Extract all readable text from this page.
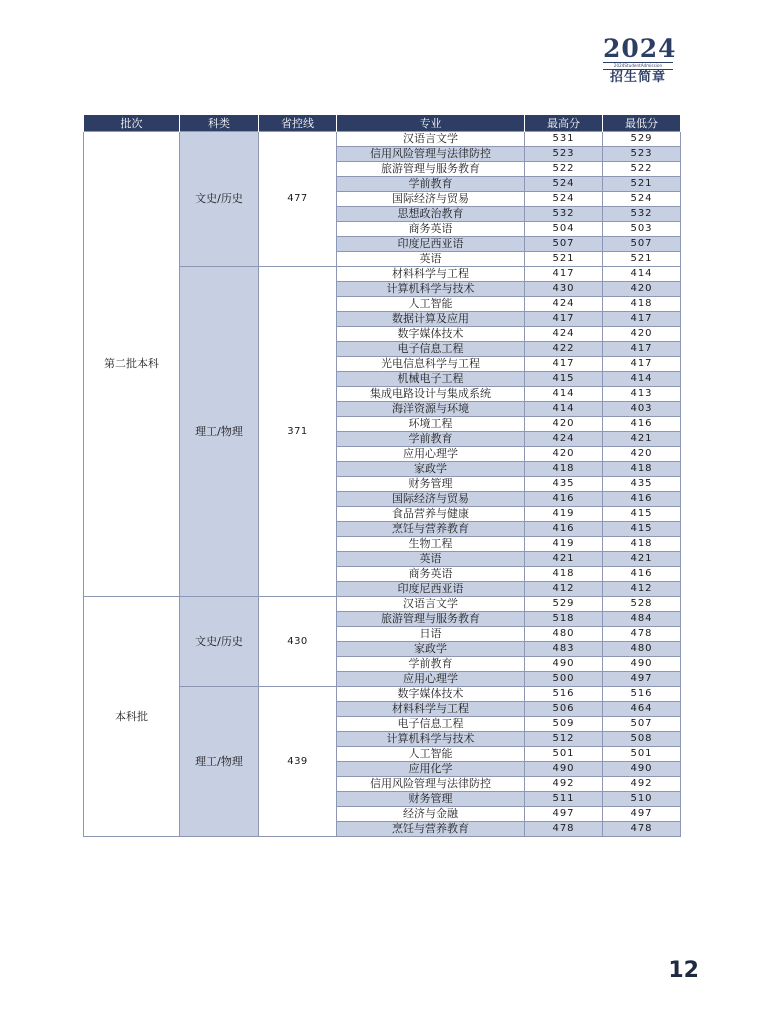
2024
2024StudentAdmission
招生简章
批次	科类	省控线	专业	最高分	最低分
第二批本科	文史/历史	477	汉语言文学	531	529
			信用风险管理与法律防控	523	523
			旅游管理与服务教育	522	522
			学前教育	524	521
			国际经济与贸易	524	524
			思想政治教育	532	532
			商务英语	504	503
			印度尼西亚语	507	507
			英语	521	521
	理工/物理	371	材料科学与工程	417	414
			计算机科学与技术	430	420
			人工智能	424	418
			数据计算及应用	417	417
			数字媒体技术	424	420
			电子信息工程	422	417
			光电信息科学与工程	417	417
			机械电子工程	415	414
			集成电路设计与集成系统	414	413
			海洋资源与环境	414	403
			环境工程	420	416
			学前教育	424	421
			应用心理学	420	420
			家政学	418	418
			财务管理	435	435
			国际经济与贸易	416	416
			食品营养与健康	419	415
			烹饪与营养教育	416	415
			生物工程	419	418
			英语	421	421
			商务英语	418	416
			印度尼西亚语	412	412
本科批	文史/历史	430	汉语言文学	529	528
			旅游管理与服务教育	518	484
			日语	480	478
			家政学	483	480
			学前教育	490	490
			应用心理学	500	497
	理工/物理	439	数字媒体技术	516	516
			材料科学与工程	506	464
			电子信息工程	509	507
			计算机科学与技术	512	508
			人工智能	501	501
			应用化学	490	490
			信用风险管理与法律防控	492	492
			财务管理	511	510
			经济与金融	497	497
			烹饪与营养教育	478	478
12
